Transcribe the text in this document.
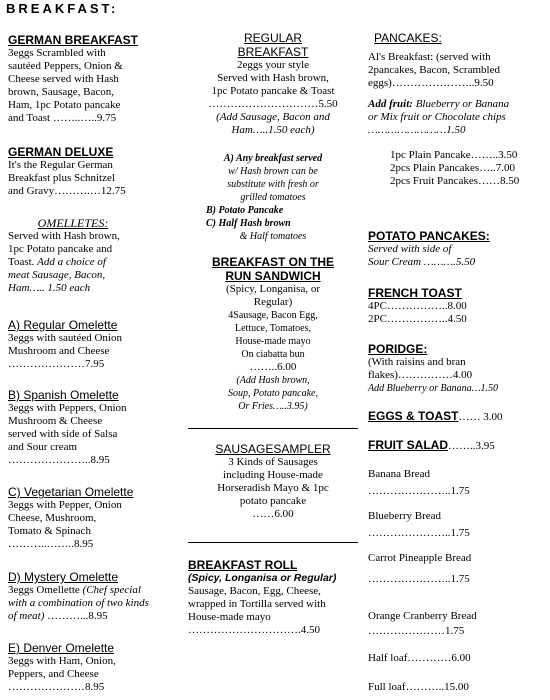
BREAKFAST:
GERMAN BREAKFAST
3eggs Scrambled with
sautéed Peppers, Onion &
Cheese served with Hash
brown, Sausage, Bacon,
Ham, 1pc Potato pancake
and Toast ……..…..9.75
GERMAN DELUXE
It's the Regular German
Breakfast plus Schnitzel
and Gravy……….…12.75
OMELLETES:
Served with Hash brown,
1pc Potato pancake and
Toast. Add a choice of
meat Sausage, Bacon,
Ham….. 1.50 each
A) Regular Omelette
3eggs with sautéed Onion
Mushroom and Cheese
…………………7.95
B) Spanish Omelette
3eggs with Peppers, Onion
Mushroom & Cheese
served with side of Salsa
and Sour cream
…………………..8.95
C) Vegetarian Omelette
3eggs with Pepper, Onion
Cheese, Mushroom,
Tomato & Spinach
………..……..8.95
D) Mystery Omelette
3eggs Omellette (Chef special
with a combination of two kinds
of meat) ………...8.95
E) Denver Omelette
3eggs with Ham, Onion,
Peppers, and Cheese
…………………8.95
REGULAR
BREAKFAST
2eggs your style
Served with Hash brown,
1pc Potato pancake & Toast
…………………………5.50
(Add Sausage, Bacon and
Ham…..1.50 each)
A) Any breakfast served
w/ Hash brown can be
substitute with fresh or
grilled tomatoes
B) Potato Pancake
C) Half Hash brown
& Half tomatoes
BREAKFAST ON THE
RUN SANDWICH
(Spicy, Longanisa, or
Regular)
4Sausage, Bacon Egg,
Lettuce, Tomatoes,
House-made mayo
On ciabatta bun
……..6.00
(Add Hash brown,
Soup, Potato pancake,
Or Fries…..3.95)
SAUSAGESAMPLER
3 Kinds of Sausages
including House-made
Horseradish Mayo & 1pc
potato pancake
……6.00
BREAKFAST ROLL
(Spicy, Longanisa or Regular)
Sausage, Bacon, Egg, Cheese,
wrapped in Tortilla served with
House-made mayo
………………………….4.50
PANCAKES:
Al's Breakfast: (served with
2pancakes, Bacon, Scrambled
eggs)…………………..9.50
Add fruit: Blueberry or Banana
or Mix fruit or Chocolate chips
……………………1.50
1pc Plain Pancake……..3.50
2pcs Plain Pancakes…..7.00
2pcs Fruit Pancakes……8.50
POTATO PANCAKES:
Served with side of
Sour Cream ……….5.50
FRENCH TOAST
4PC……………..8.00
2PC……………..4.50
PORIDGE:
(With raisins and bran
flakes)……………4.00
Add Blueberry or Banana…1.50
EGGS & TOAST…… 3.00
FRUIT SALAD……..3.95
Banana Bread
…………………..1.75
Blueberry Bread
…………………..1.75
Carrot Pineapple Bread
…………………..1.75
Orange Cranberry Bread
…………………1.75
Half loaf…………6.00
Full loaf………..15.00
